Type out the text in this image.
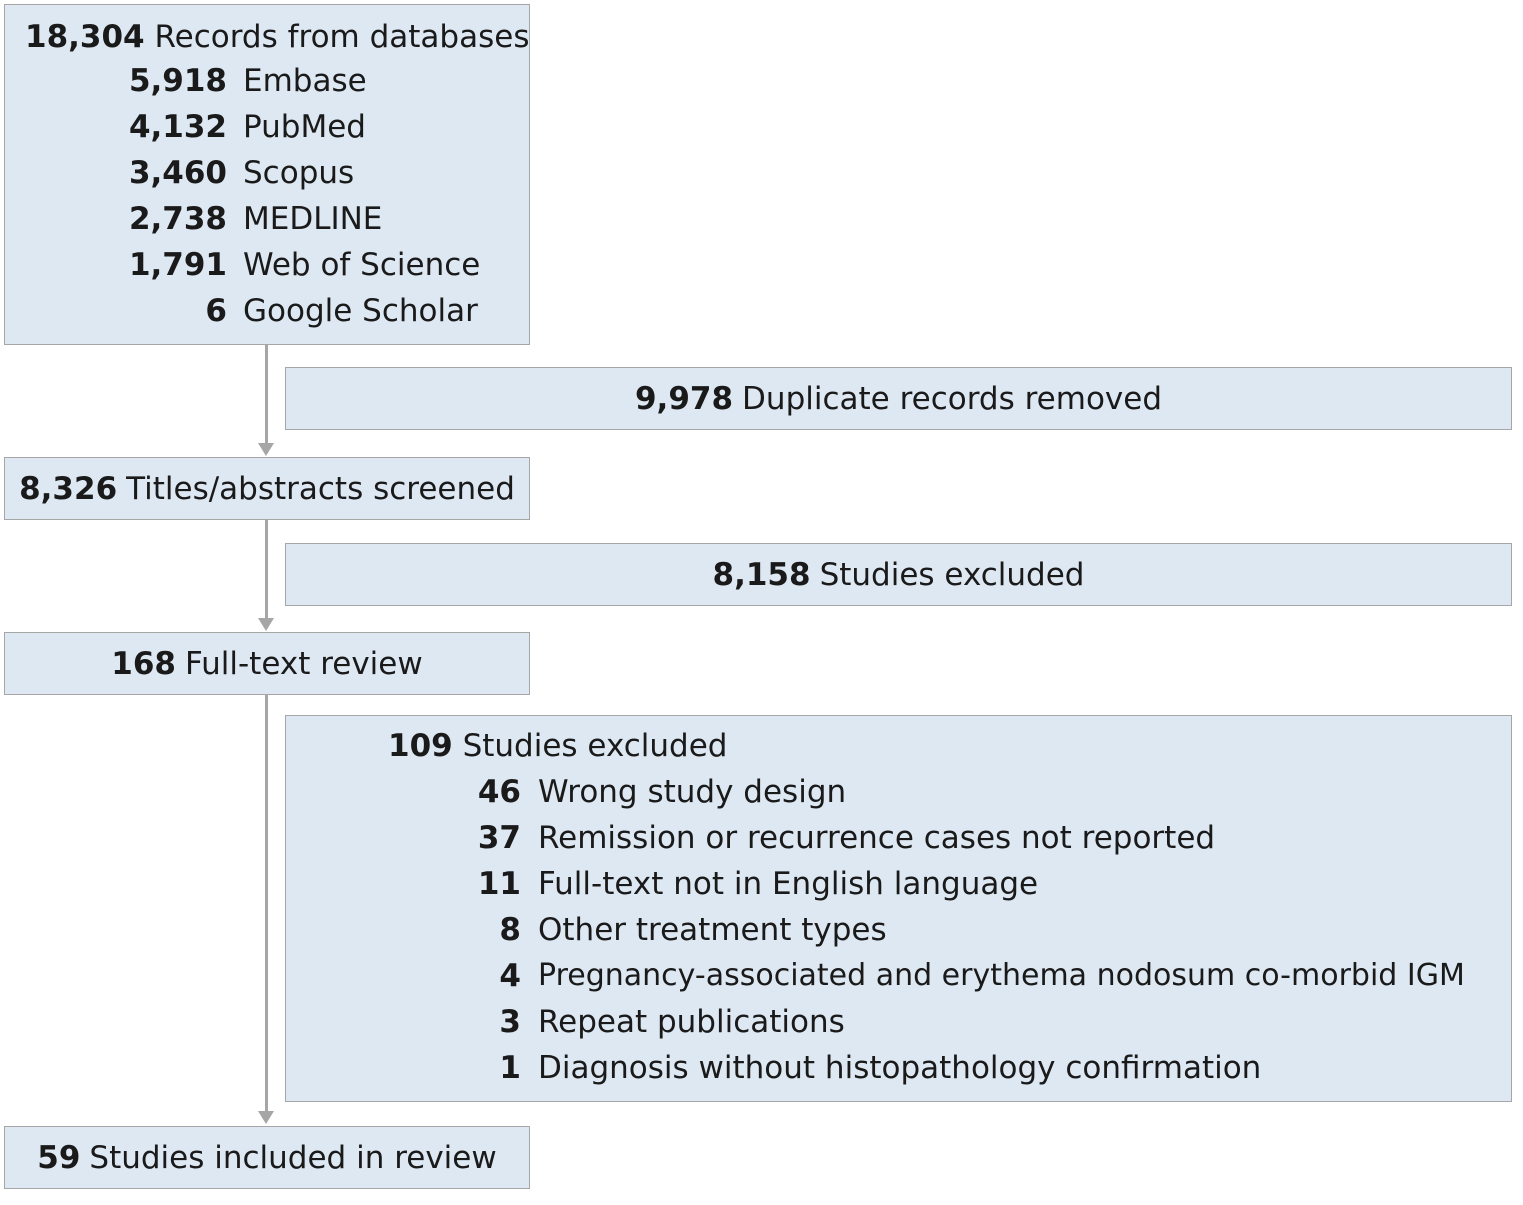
18,304 Records from databases
5,918 Embase
4,132 PubMed
3,460 Scopus
2,738 MEDLINE
1,791 Web of Science
6 Google Scholar
9,978 Duplicate records removed
8,326 Titles/abstracts screened
8,158 Studies excluded
168 Full-text review
109 Studies excluded
46 Wrong study design
37 Remission or recurrence cases not reported
11 Full-text not in English language
8 Other treatment types
4 Pregnancy-associated and erythema nodosum co-morbid IGM
3 Repeat publications
1 Diagnosis without histopathology confirmation
59 Studies included in review
